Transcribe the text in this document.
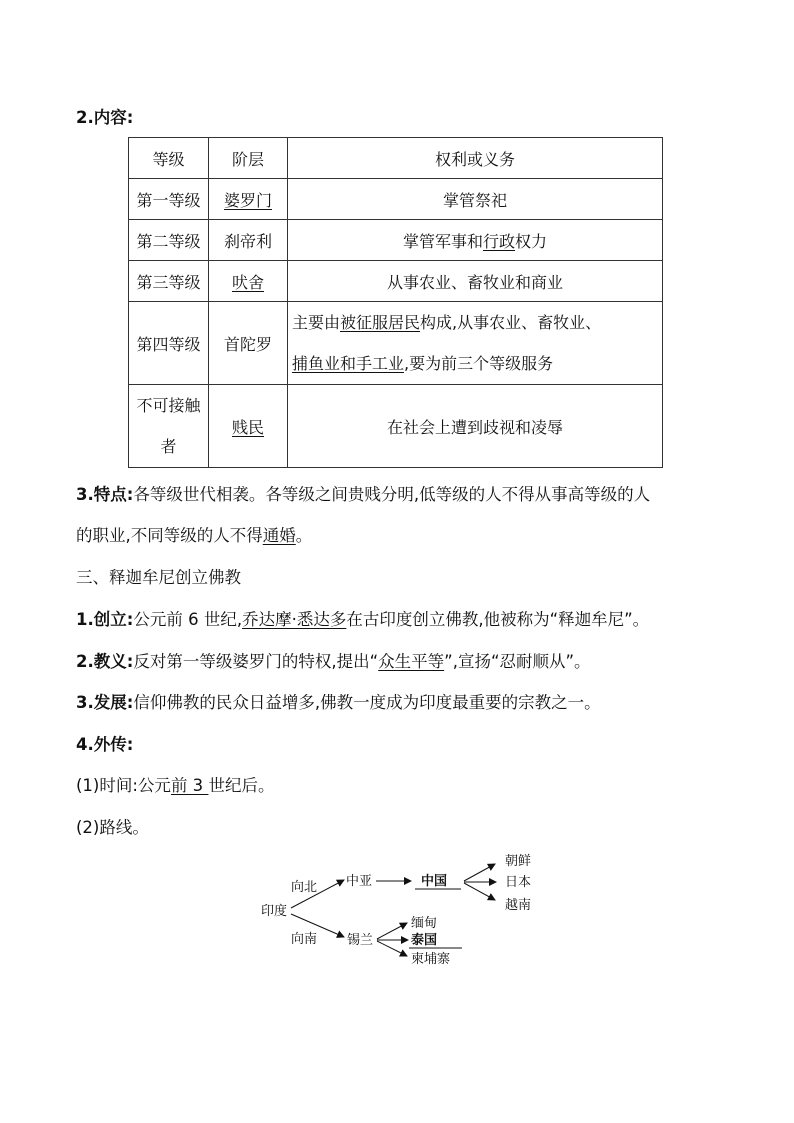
2.内容:
等级	阶层	权利或义务
第一等级	婆罗门	掌管祭祀
第二等级	刹帝利	掌管军事和行政权力
第三等级	吠舍	从事农业、畜牧业和商业
第四等级	首陀罗	主要由被征服居民构成,从事农业、畜牧业、
捕鱼业和手工业,要为前三个等级服务
不可接触者	贱民	在社会上遭到歧视和凌辱
3.特点:各等级世代相袭。各等级之间贵贱分明,低等级的人不得从事高等级的人
的职业,不同等级的人不得通婚。
三、释迦牟尼创立佛教
1.创立:公元前 6 世纪,乔达摩·悉达多在古印度创立佛教,他被称为“释迦牟尼”。
2.教义:反对第一等级婆罗门的特权,提出“众生平等”,宣扬“忍耐顺从”。
3.发展:信仰佛教的民众日益增多,佛教一度成为印度最重要的宗教之一。
4.外传:
(1)时间:公元前 3 世纪后。
(2)路线。
印度
向北
向南
中亚	中国
朝鲜
日本
越南
锡兰
缅甸
泰国
柬埔寨
